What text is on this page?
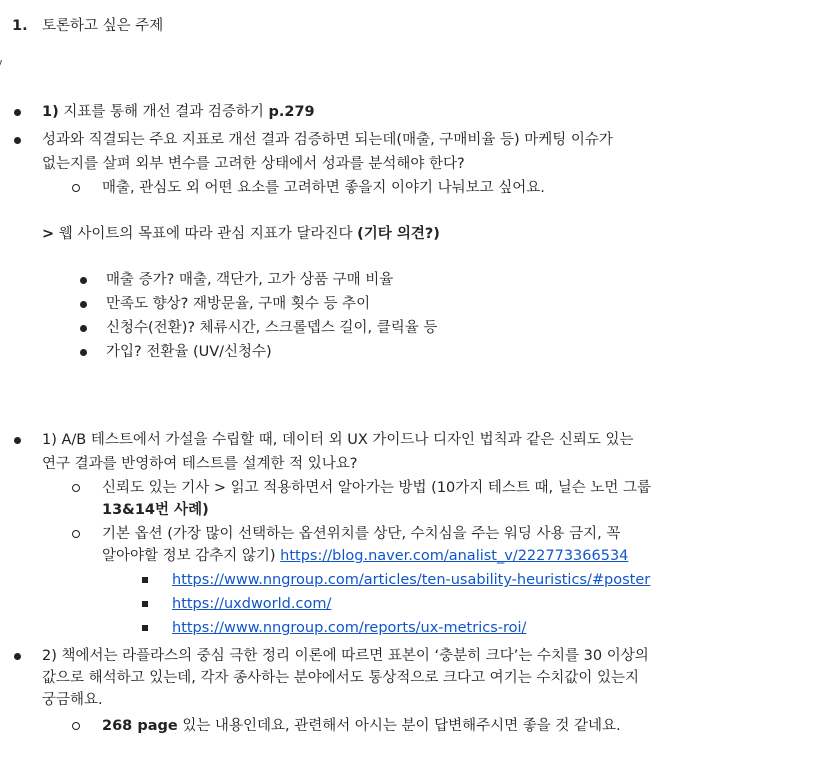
1. 토론하고 싶은 주제
1) 지표를 통해 개선 결과 검증하기 p.279
성과와 직결되는 주요 지표로 개선 결과 검증하면 되는데(매출, 구매비율 등) 마케팅 이슈가
없는지를 살펴 외부 변수를 고려한 상태에서 성과를 분석해야 한다?
매출, 관심도 외 어떤 요소를 고려하면 좋을지 이야기 나눠보고 싶어요.
> 웹 사이트의 목표에 따라 관심 지표가 달라진다 (기타 의견?)
매출 증가? 매출, 객단가, 고가 상품 구매 비율
만족도 향상? 재방문율, 구매 횟수 등 추이
신청수(전환)? 체류시간, 스크롤뎁스 길이, 클릭율 등
가입? 전환율 (UV/신청수)
1) A/B 테스트에서 가설을 수립할 때, 데이터 외 UX 가이드나 디자인 법칙과 같은 신뢰도 있는
연구 결과를 반영하여 테스트를 설계한 적 있나요?
신뢰도 있는 기사 > 읽고 적용하면서 알아가는 방법 (10가지 테스트 때, 닐슨 노먼 그룹
13&14번 사례)
기본 옵션 (가장 많이 선택하는 옵션위치를 상단, 수치심을 주는 워딩 사용 금지, 꼭
알아야할 정보 감추지 않기) https://blog.naver.com/analist_v/222773366534
https://www.nngroup.com/articles/ten-usability-heuristics/#poster
https://uxdworld.com/
https://www.nngroup.com/reports/ux-metrics-roi/
2) 책에서는 라플라스의 중심 극한 정리 이론에 따르면 표본이 ‘충분히 크다’는 수치를 30 이상의
값으로 해석하고 있는데, 각자 종사하는 분야에서도 통상적으로 크다고 여기는 수치값이 있는지
궁금해요.
268 page 있는 내용인데요, 관련해서 아시는 분이 답변해주시면 좋을 것 같네요.
